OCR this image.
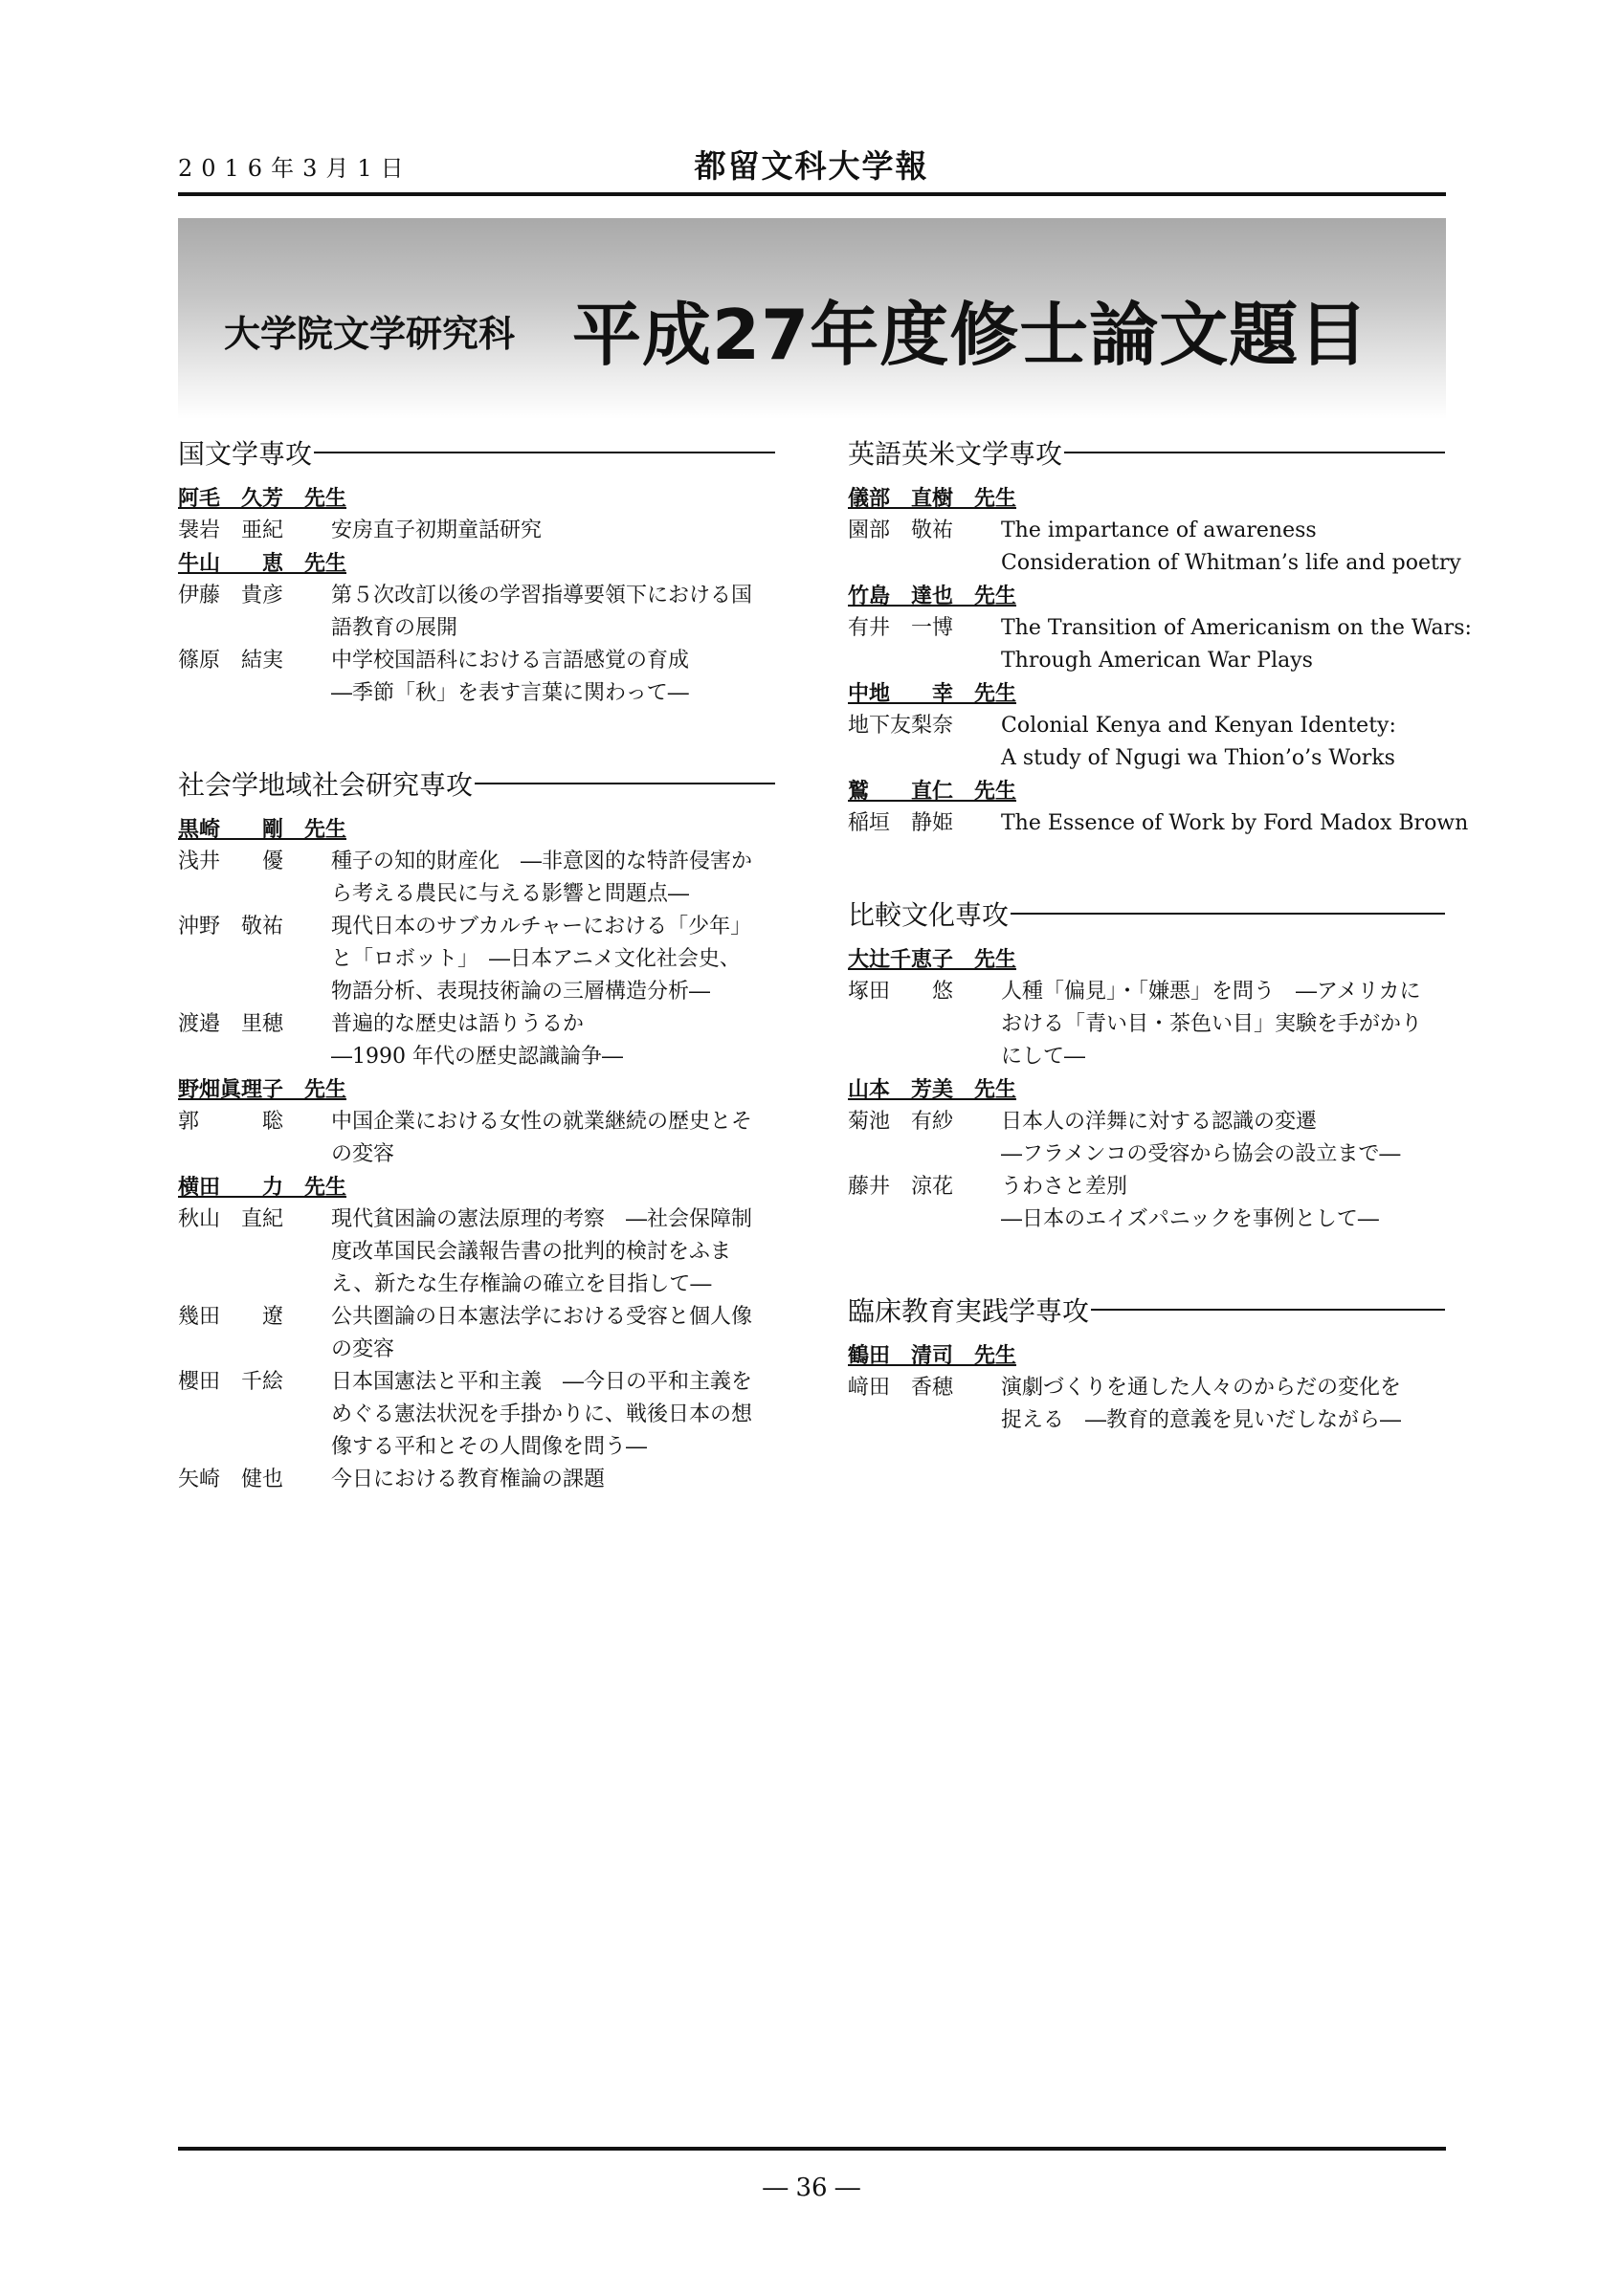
2016年3月1日	都留文科大学報
大学院文学研究科 平成27年度修士論文題目
国文学専攻
阿毛　久芳　先生
袰岩　亜紀	安房直子初期童話研究
牛山　　恵　先生
伊藤　貴彦	第５次改訂以後の学習指導要領下における国
語教育の展開
篠原　結実	中学校国語科における言語感覚の育成
―季節「秋」を表す言葉に関わって―
社会学地域社会研究専攻
黒崎　　剛　先生
浅井　　優	種子の知的財産化　―非意図的な特許侵害か
ら考える農民に与える影響と問題点―
沖野　敬祐	現代日本のサブカルチャーにおける「少年」
と「ロボット」　―日本アニメ文化社会史、
物語分析、表現技術論の三層構造分析―
渡邉　里穂	普遍的な歴史は語りうるか
―1990 年代の歴史認識論争―
野畑眞理子　先生
郭　　　聡	中国企業における女性の就業継続の歴史とそ
の変容
横田　　力　先生
秋山　直紀	現代貧困論の憲法原理的考察　―社会保障制
度改革国民会議報告書の批判的検討をふま
え、新たな生存権論の確立を目指して―
幾田　　遼	公共圏論の日本憲法学における受容と個人像
の変容
櫻田　千絵	日本国憲法と平和主義　―今日の平和主義を
めぐる憲法状況を手掛かりに、戦後日本の想
像する平和とその人間像を問う―
矢崎　健也	今日における教育権論の課題
英語英米文学専攻
儀部　直樹　先生
園部　敬祐	The impartance of awareness
Consideration of Whitman’s life and poetry
竹島　達也　先生
有井　一博	The Transition of Americanism on the Wars:
Through American War Plays
中地　　幸　先生
地下友梨奈	Colonial Kenya and Kenyan Identety:
A study of Ngugi wa Thion’o’s Works
鷲　　直仁　先生
稲垣　静姫	The Essence of Work by Ford Madox Brown
比較文化専攻
大辻千恵子　先生
塚田　　悠	人種「偏見」・「嫌悪」を問う　―アメリカに
おける「青い目・茶色い目」実験を手がかり
にして―
山本　芳美　先生
菊池　有紗	日本人の洋舞に対する認識の変遷
―フラメンコの受容から協会の設立まで―
藤井　涼花	うわさと差別
―日本のエイズパニックを事例として―
臨床教育実践学専攻
鶴田　清司　先生
﨑田　香穂	演劇づくりを通した人々のからだの変化を
捉える　―教育的意義を見いだしながら―
― 36 ―
